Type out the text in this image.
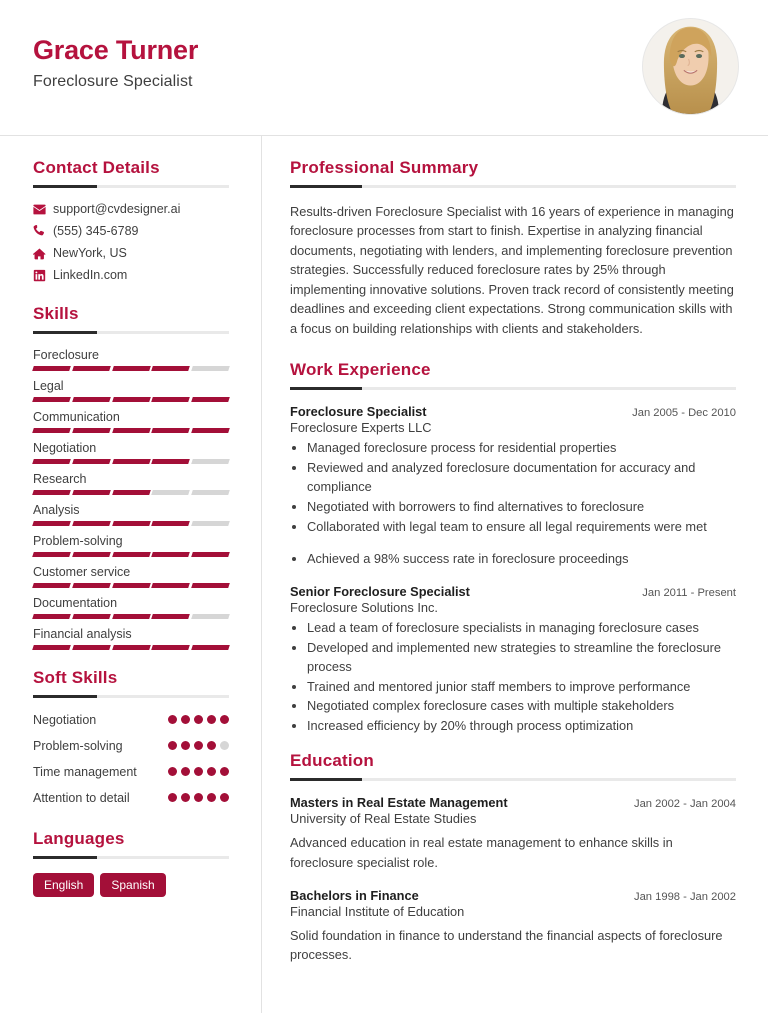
Grace Turner
Foreclosure Specialist
Contact Details
support@cvdesigner.ai
(555) 345-6789
NewYork, US
LinkedIn.com
Skills
Foreclosure
Legal
Communication
Negotiation
Research
Analysis
Problem-solving
Customer service
Documentation
Financial analysis
Soft Skills
Negotiation
Problem-solving
Time management
Attention to detail
Languages
English	Spanish
Professional Summary
Results-driven Foreclosure Specialist with 16 years of experience in managing foreclosure processes from start to finish. Expertise in analyzing financial documents, negotiating with lenders, and implementing foreclosure prevention strategies. Successfully reduced foreclosure rates by 25% through implementing innovative solutions. Proven track record of consistently meeting deadlines and exceeding client expectations. Strong communication skills with a focus on building relationships with clients and stakeholders.
Work Experience
Foreclosure Specialist	Jan 2005 - Dec 2010
Foreclosure Experts LLC
• Managed foreclosure process for residential properties
• Reviewed and analyzed foreclosure documentation for accuracy and compliance
• Negotiated with borrowers to find alternatives to foreclosure
• Collaborated with legal team to ensure all legal requirements were met
• Achieved a 98% success rate in foreclosure proceedings
Senior Foreclosure Specialist	Jan 2011 - Present
Foreclosure Solutions Inc.
• Lead a team of foreclosure specialists in managing foreclosure cases
• Developed and implemented new strategies to streamline the foreclosure process
• Trained and mentored junior staff members to improve performance
• Negotiated complex foreclosure cases with multiple stakeholders
• Increased efficiency by 20% through process optimization
Education
Masters in Real Estate Management	Jan 2002 - Jan 2004
University of Real Estate Studies
Advanced education in real estate management to enhance skills in foreclosure specialist role.
Bachelors in Finance	Jan 1998 - Jan 2002
Financial Institute of Education
Solid foundation in finance to understand the financial aspects of foreclosure processes.
